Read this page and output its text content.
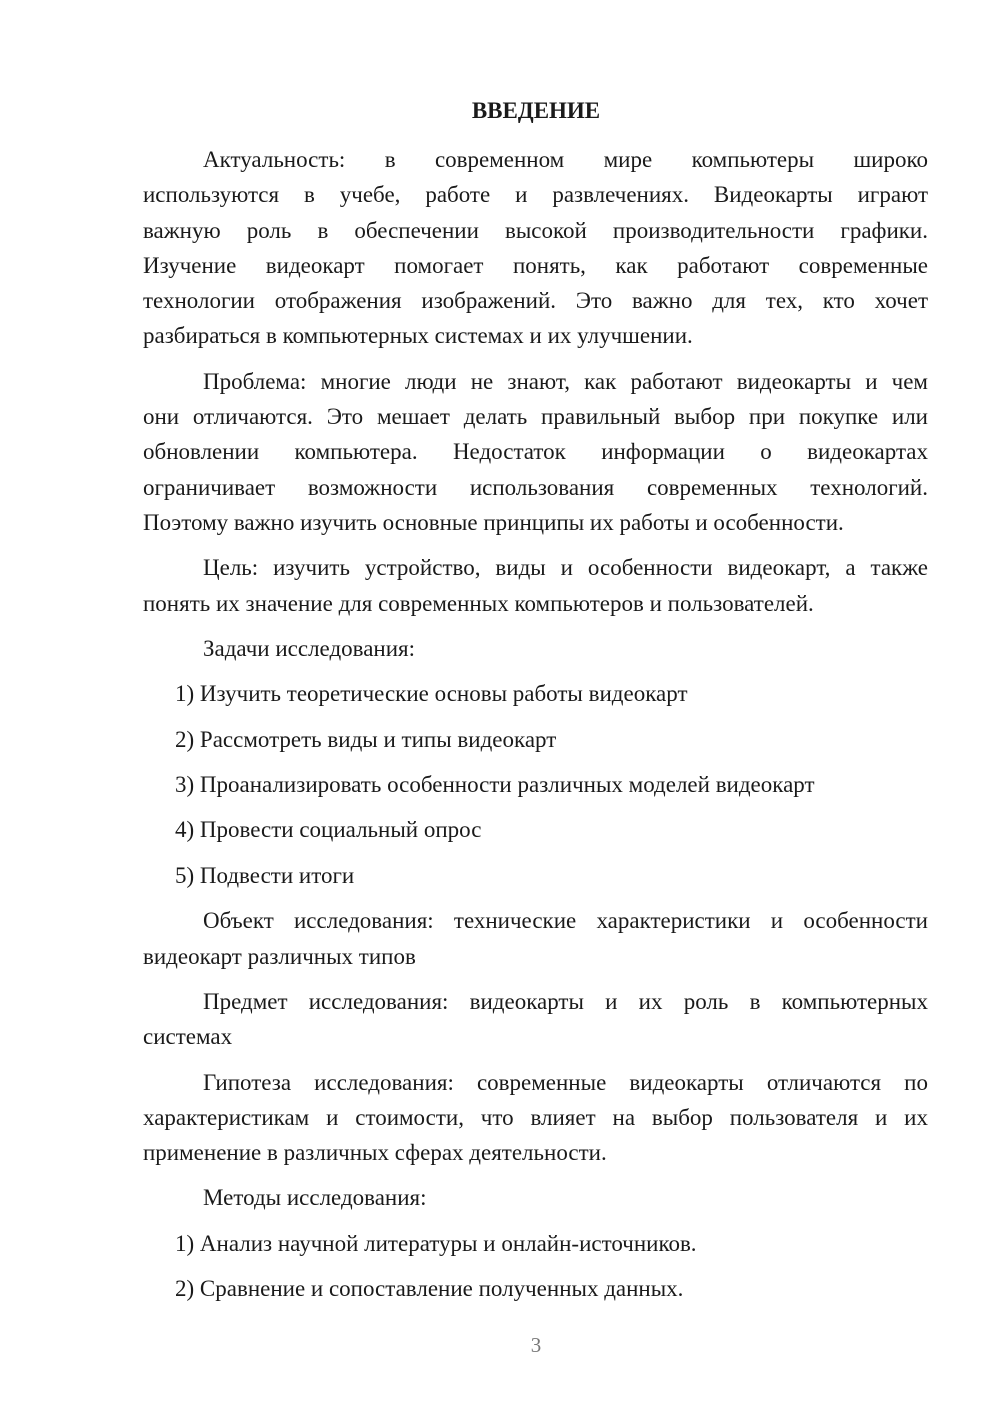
ВВЕДЕНИЕ
Актуальность: в современном мире компьютеры широко
используются в учебе, работе и развлечениях. Видеокарты играют
важную роль в обеспечении высокой производительности графики.
Изучение видеокарт помогает понять, как работают современные
технологии отображения изображений. Это важно для тех, кто хочет
разбираться в компьютерных системах и их улучшении.
Проблема: многие люди не знают, как работают видеокарты и чем
они отличаются. Это мешает делать правильный выбор при покупке или
обновлении компьютера. Недостаток информации о видеокартах
ограничивает возможности использования современных технологий.
Поэтому важно изучить основные принципы их работы и особенности.
Цель: изучить устройство, виды и особенности видеокарт, а также
понять их значение для современных компьютеров и пользователей.
Задачи исследования:
1) Изучить теоретические основы работы видеокарт
2) Рассмотреть виды и типы видеокарт
3) Проанализировать особенности различных моделей видеокарт
4) Провести социальный опрос
5) Подвести итоги
Объект исследования: технические характеристики и особенности
видеокарт различных типов
Предмет исследования: видеокарты и их роль в компьютерных
системах
Гипотеза исследования: современные видеокарты отличаются по
характеристикам и стоимости, что влияет на выбор пользователя и их
применение в различных сферах деятельности.
Методы исследования:
1) Анализ научной литературы и онлайн-источников.
2) Сравнение и сопоставление полученных данных.
3
